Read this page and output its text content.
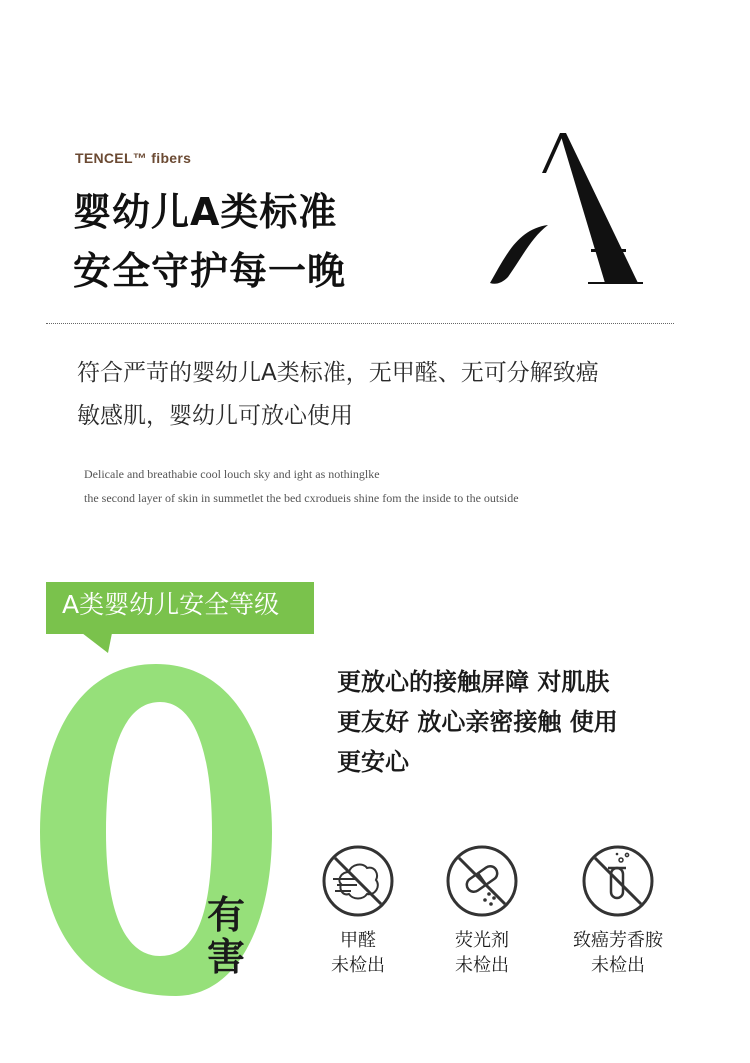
TENCEL™ fibers
婴幼儿A类标准
安全守护每一晚
符合严苛的婴幼儿A类标准，无甲醛、无可分解致癌
敏感肌，婴幼儿可放心使用
Delicale and breathabie cool louch sky and ight as nothinglke
the second layer of skin in summetlet the bed cxrodueis shine fom the inside to the outside
A类婴幼儿安全等级
有
害
更放心的接触屏障 对肌肤
更友好 放心亲密接触 使用
更安心
甲醛
未检出
荧光剂
未检出
致癌芳香胺
未检出
